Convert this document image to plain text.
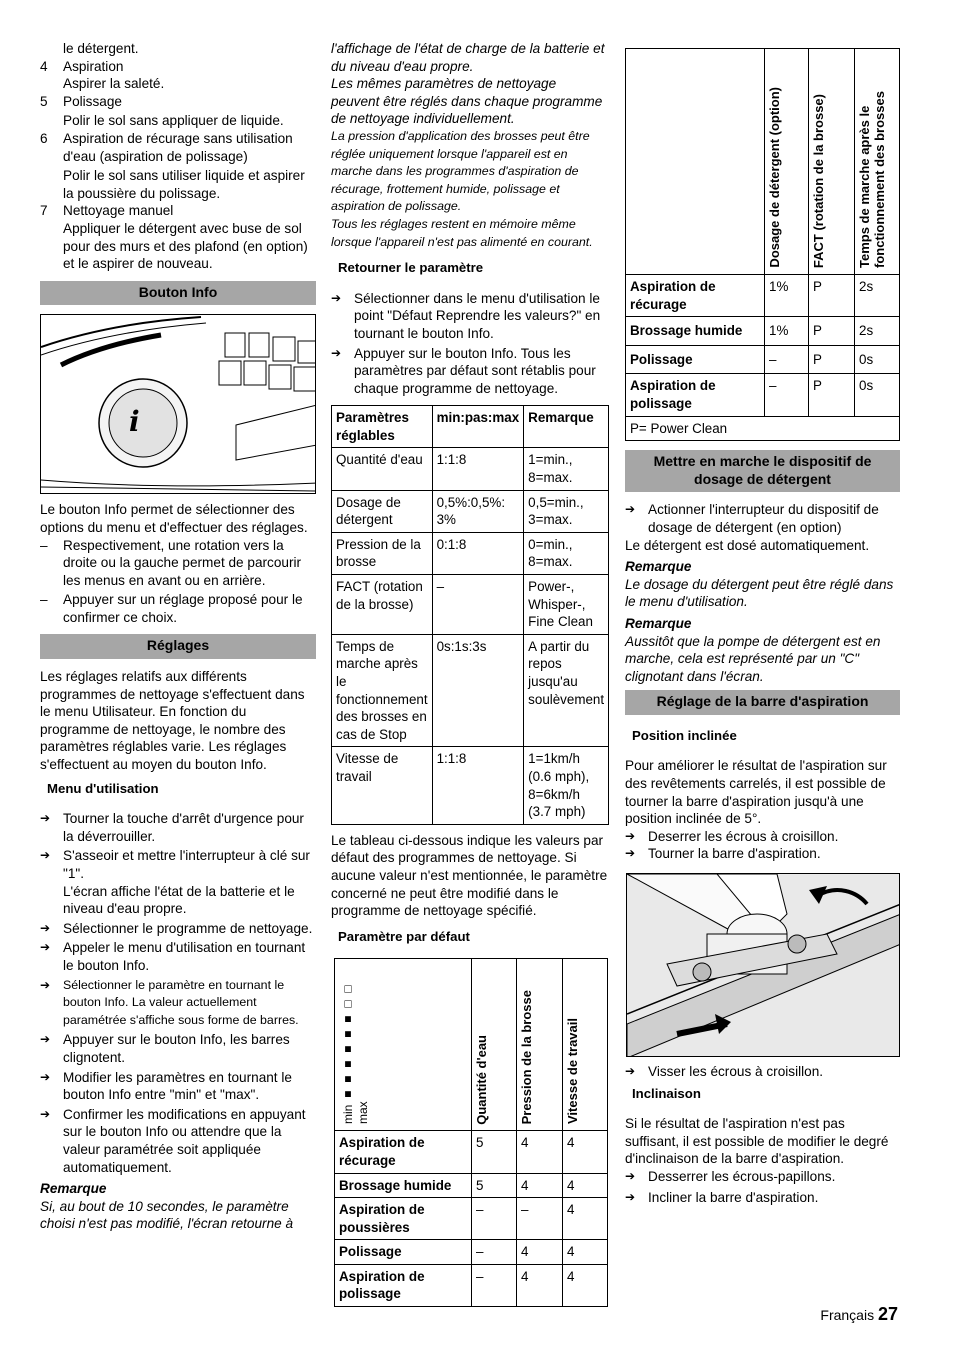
le détergent.

4	Aspiration

Aspirer la saleté.

5	Polissage

Polir le sol sans appliquer de liquide.

6	Aspiration de récurage sans utilisation d'eau (aspiration de polissage)

Polir le sol sans utiliser liquide et aspirer la poussière du polissage.

7	Nettoyage manuel

Appliquer le détergent avec buse de sol pour des murs et des plafond (en option) et le aspirer de nouveau.

Bouton Info
i

Le bouton Info permet de sélectionner des options du menu et d'effectuer des réglages.

–	Respectivement, une rotation vers la droite ou la gauche permet de parcourir les menus en avant ou en arrière.
–	Appuyer sur un réglage proposé pour le confirmer ce choix.
Réglages

Les réglages relatifs aux différents programmes de nettoyage s'effectuent dans le menu Utilisateur. En fonction du programme de nettoyage, le nombre des paramètres réglables varie. Les réglages s'effectuent au moyen du bouton Info.

Menu d'utilisation

➔ Tourner la touche d'arrêt d'urgence pour la déverrouiller.
➔ S'asseoir et mettre l'interrupteur à clé sur "1".

L'écran affiche l'état de la batterie et le niveau d'eau propre.

➔ Sélectionner le programme de nettoyage.
➔ Appeler le menu d'utilisation en tournant le bouton Info.
➔	Sélectionner le paramètre en tournant le bouton Info. La valeur actuellement paramétrée s'affiche sous forme de barres.
➔ Appuyer sur le bouton Info, les barres clignotent.
➔ Modifier les paramètres en tournant le bouton Info entre "min" et "max".
➔ Confirmer les modifications en appuyant sur le bouton Info ou attendre que la valeur paramétrée soit appliquée automatiquement.

Remarque

Si, au bout de 10 secondes, le paramètre choisi n'est pas modifié, l'écran retourne à

l'affichage de l'état de charge de la batterie et du niveau d'eau propre.

Les mêmes paramètres de nettoyage peuvent être réglés dans chaque programme de nettoyage individuellement.

La pression d'application des brosses peut être réglée uniquement lorsque l'appareil est en marche dans les programmes d'aspiration de récurage, frottement humide, polissage et aspiration de polissage.

Tous les réglages restent en mémoire même lorsque l'appareil n'est pas alimenté en courant.

Retourner le paramètre

➔ Sélectionner dans le menu d'utilisation le point "Défaut Reprendre les valeurs?" en tournant le bouton Info.
➔ Appuyer sur le bouton Info. Tous les paramètres par défaut sont rétablis pour chaque programme de nettoyage.
Paramètres réglables	min:pas:max	Remarque
Quantité d'eau	1:1:8	1=min., 8=max.
Dosage de détergent	0,5%:0,5%: 3%	0,5=min., 3=max.
Pression de la brosse	0:1:8	0=min., 8=max.
FACT (rotation de la brosse)	–	Power-, Whisper-, Fine Clean
Temps de marche après le fonctionnement des brosses en cas de Stop	0s:1s:3s	A partir du repos jusqu'au soulèvement
Vitesse de travail	1:1:8	1=1km/h (0.6 mph), 8=6km/h (3.7 mph)

Le tableau ci-dessous indique les valeurs par défaut des programmes de nettoyage. Si aucune valeur n'est mentionnée, le paramètre concerné ne peut être modifié dans le programme de nettoyage spécifié.

Paramètre par défaut

min ■■■■■■□□ max	Quantité d'eau	Pression de la brosse	Vitesse de travail

Aspiration de récurage	5	4	4
Brossage humide	5	4	4
Aspiration de poussières	–	–	4
Polissage	–	4	4
Aspiration de polissage	–	4	4

	Dosage de détergent (option)	FACT (rotation de la brosse)	Temps de marche après le fonctionnement des brosses

Aspiration de récurage	1%	P	2s
Brossage humide	1%	P	2s
Polissage	–	P	0s
Aspiration de polissage	–	P	0s
P= Power Clean			
Mettre en marche le dispositif de dosage de détergent
➔ Actionner l'interrupteur du dispositif de dosage de détergent (en option)

Le détergent est dosé automatiquement.

Remarque

Le dosage du détergent peut être réglé dans le menu d'utilisation.

Remarque

Aussitôt que la pompe de détergent est en marche, cela est représenté par un "C" clignotant dans l'écran.

Réglage de la barre d'aspiration

Position inclinée

Pour améliorer le résultat de l'aspiration sur des revêtements carrelés, il est possible de tourner la barre d'aspiration jusqu'à une position inclinée de 5°.

➔ Deserrer les écrous à croisillon.
➔ Tourner la barre d'aspiration.
➔ Visser les écrous à croisillon.

Inclinaison

Si le résultat de l'aspiration n'est pas suffisant, il est possible de modifier le degré d'inclinaison de la barre d'aspiration.

➔ Desserrer les écrous-papillons.
➔ Incliner la barre d'aspiration.
Français 27
